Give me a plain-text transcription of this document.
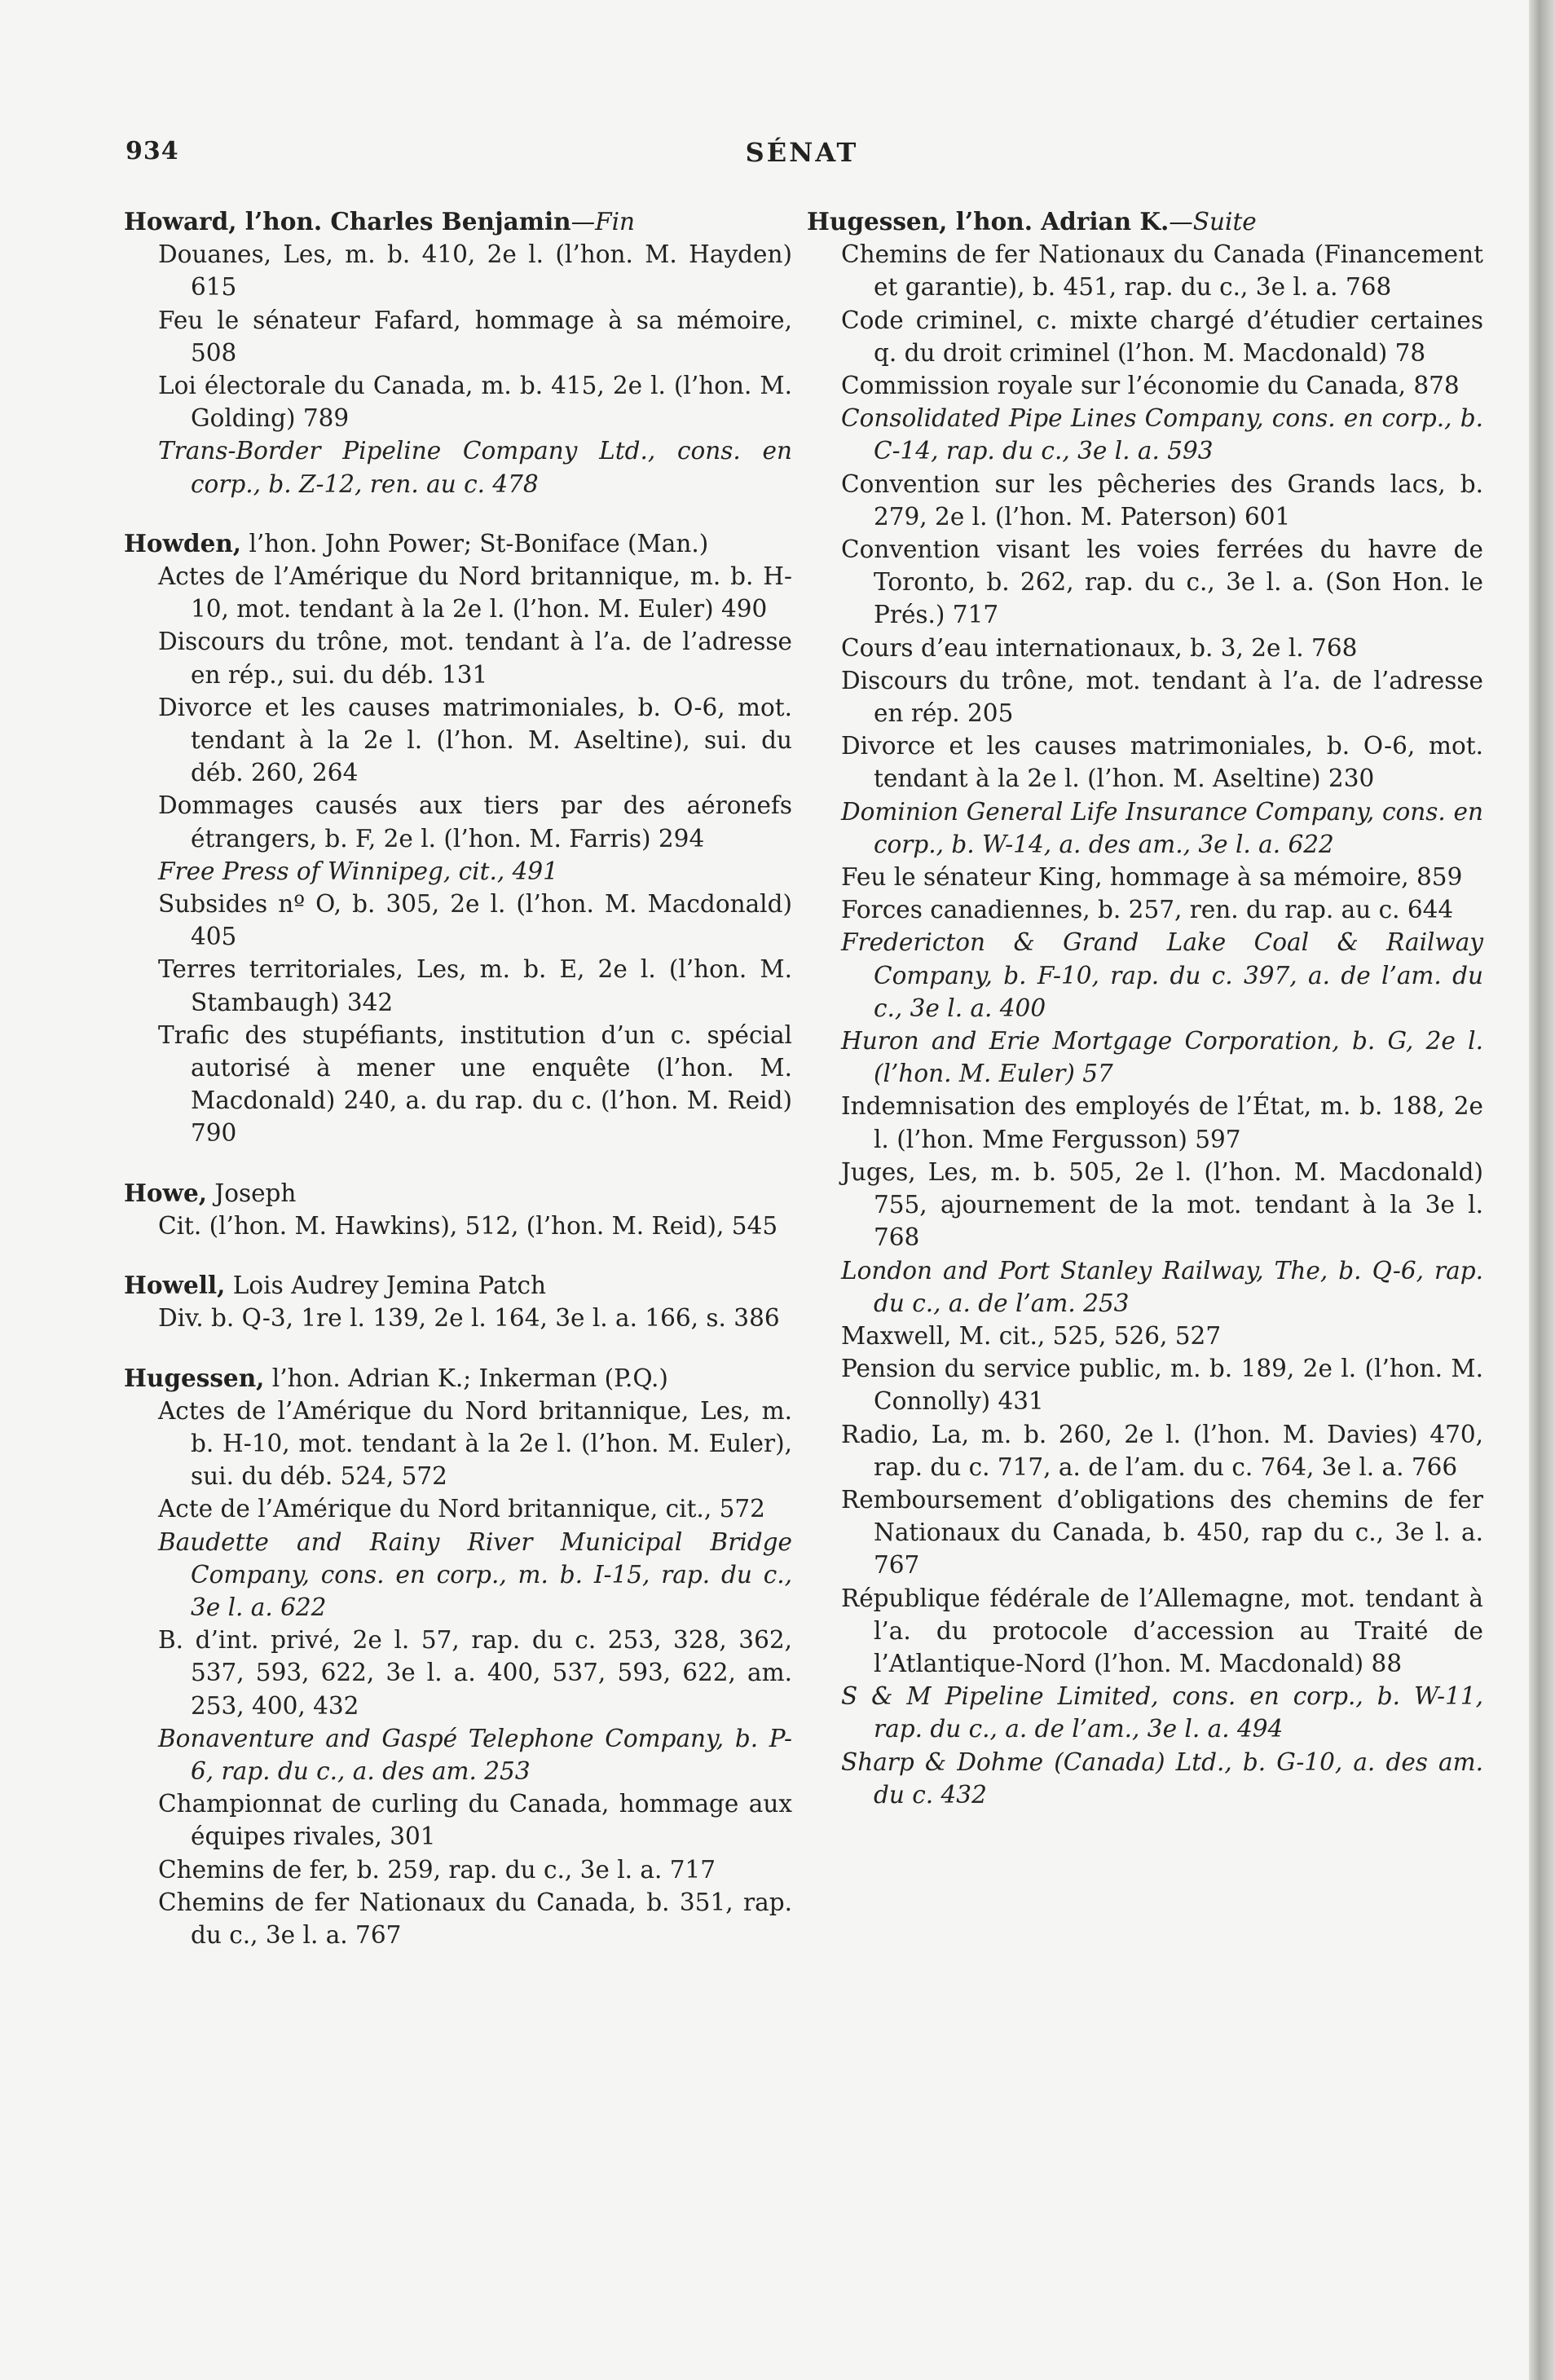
934	SÉNAT
Howard, l’hon. Charles Benjamin—Fin
Douanes, Les, m. b. 410, 2e l. (l’hon. M. Hayden) 615
Feu le sénateur Fafard, hommage à sa mémoire, 508
Loi électorale du Canada, m. b. 415, 2e l. (l’hon. M. Golding) 789
Trans-Border Pipeline Company Ltd., cons. en corp., b. Z-12, ren. au c. 478
Howden, l’hon. John Power; St-Boniface (Man.)
Actes de l’Amérique du Nord britannique, m. b. H-10, mot. tendant à la 2e l. (l’hon. M. Euler) 490
Discours du trône, mot. tendant à l’a. de l’adresse en rép., sui. du déb. 131
Divorce et les causes matrimoniales, b. O-6, mot. tendant à la 2e l. (l’hon. M. Aseltine), sui. du déb. 260, 264
Dommages causés aux tiers par des aéronefs étrangers, b. F, 2e l. (l’hon. M. Farris) 294
Free Press of Winnipeg, cit., 491
Subsides nº O, b. 305, 2e l. (l’hon. M. Macdonald) 405
Terres territoriales, Les, m. b. E, 2e l. (l’hon. M. Stambaugh) 342
Trafic des stupéfiants, institution d’un c. spécial autorisé à mener une enquête (l’hon. M. Macdonald) 240, a. du rap. du c. (l’hon. M. Reid) 790
Howe, Joseph
Cit. (l’hon. M. Hawkins), 512, (l’hon. M. Reid), 545
Howell, Lois Audrey Jemina Patch
Div. b. Q-3, 1re l. 139, 2e l. 164, 3e l. a. 166, s. 386
Hugessen, l’hon. Adrian K.; Inkerman (P.Q.)
Actes de l’Amérique du Nord britannique, Les, m. b. H-10, mot. tendant à la 2e l. (l’hon. M. Euler), sui. du déb. 524, 572
Acte de l’Amérique du Nord britannique, cit., 572
Baudette and Rainy River Municipal Bridge Company, cons. en corp., m. b. I-15, rap. du c., 3e l. a. 622
B. d’int. privé, 2e l. 57, rap. du c. 253, 328, 362, 537, 593, 622, 3e l. a. 400, 537, 593, 622, am. 253, 400, 432
Bonaventure and Gaspé Telephone Company, b. P-6, rap. du c., a. des am. 253
Championnat de curling du Canada, hommage aux équipes rivales, 301
Chemins de fer, b. 259, rap. du c., 3e l. a. 717
Chemins de fer Nationaux du Canada, b. 351, rap. du c., 3e l. a. 767
Hugessen, l’hon. Adrian K.—Suite
Chemins de fer Nationaux du Canada (Financement et garantie), b. 451, rap. du c., 3e l. a. 768
Code criminel, c. mixte chargé d’étudier certaines q. du droit criminel (l’hon. M. Macdonald) 78
Commission royale sur l’économie du Canada, 878
Consolidated Pipe Lines Company, cons. en corp., b. C-14, rap. du c., 3e l. a. 593
Convention sur les pêcheries des Grands lacs, b. 279, 2e l. (l’hon. M. Paterson) 601
Convention visant les voies ferrées du havre de Toronto, b. 262, rap. du c., 3e l. a. (Son Hon. le Prés.) 717
Cours d’eau internationaux, b. 3, 2e l. 768
Discours du trône, mot. tendant à l’a. de l’adresse en rép. 205
Divorce et les causes matrimoniales, b. O-6, mot. tendant à la 2e l. (l’hon. M. Aseltine) 230
Dominion General Life Insurance Company, cons. en corp., b. W-14, a. des am., 3e l. a. 622
Feu le sénateur King, hommage à sa mémoire, 859
Forces canadiennes, b. 257, ren. du rap. au c. 644
Fredericton & Grand Lake Coal & Railway Company, b. F-10, rap. du c. 397, a. de l’am. du c., 3e l. a. 400
Huron and Erie Mortgage Corporation, b. G, 2e l. (l’hon. M. Euler) 57
Indemnisation des employés de l’État, m. b. 188, 2e l. (l’hon. Mme Fergusson) 597
Juges, Les, m. b. 505, 2e l. (l’hon. M. Macdonald) 755, ajournement de la mot. tendant à la 3e l. 768
London and Port Stanley Railway, The, b. Q-6, rap. du c., a. de l’am. 253
Maxwell, M. cit., 525, 526, 527
Pension du service public, m. b. 189, 2e l. (l’hon. M. Connolly) 431
Radio, La, m. b. 260, 2e l. (l’hon. M. Davies) 470, rap. du c. 717, a. de l’am. du c. 764, 3e l. a. 766
Remboursement d’obligations des chemins de fer Nationaux du Canada, b. 450, rap du c., 3e l. a. 767
République fédérale de l’Allemagne, mot. tendant à l’a. du protocole d’accession au Traité de l’Atlantique-Nord (l’hon. M. Macdonald) 88
S & M Pipeline Limited, cons. en corp., b. W-11, rap. du c., a. de l’am., 3e l. a. 494
Sharp & Dohme (Canada) Ltd., b. G-10, a. des am. du c. 432
